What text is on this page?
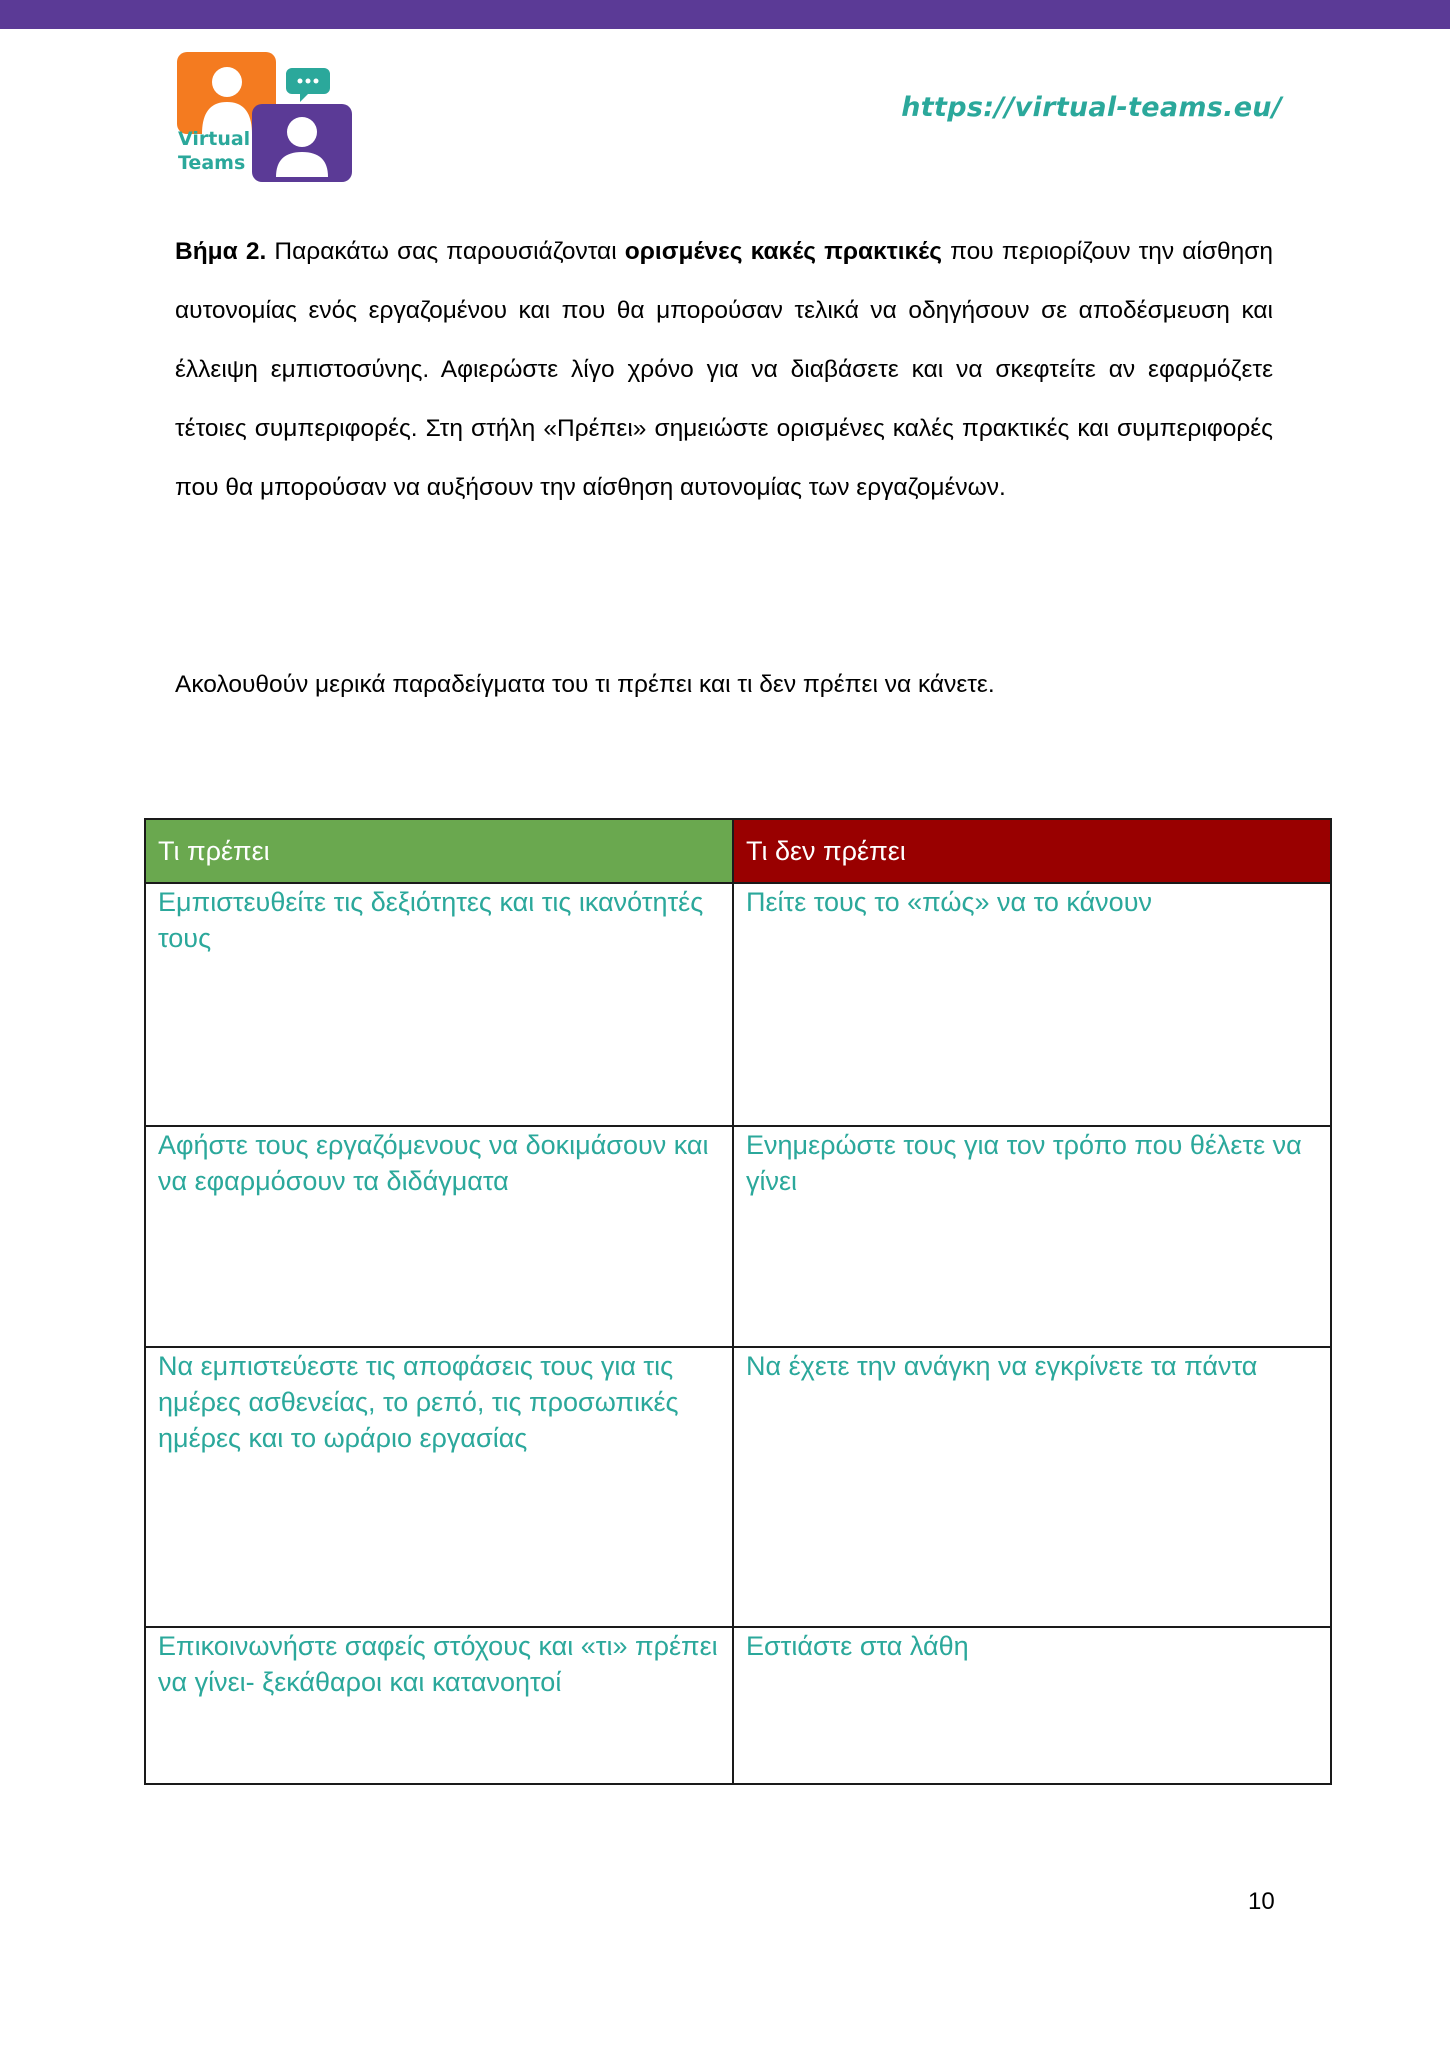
Virtual
Teams
https://virtual-teams.eu/

Βήμα 2. Παρακάτω σας παρουσιάζονται ορισμένες κακές πρακτικές που περιορίζουν την αίσθηση αυτονομίας ενός εργαζομένου και που θα μπορούσαν τελικά να οδηγήσουν σε αποδέσμευση και έλλειψη εμπιστοσύνης. Αφιερώστε λίγο χρόνο για να διαβάσετε και να σκεφτείτε αν εφαρμόζετε τέτοιες συμπεριφορές. Στη στήλη «Πρέπει» σημειώστε ορισμένες καλές πρακτικές και συμπεριφορές που θα μπορούσαν να αυξήσουν την αίσθηση αυτονομίας των εργαζομένων.

Ακολουθούν μερικά παραδείγματα του τι πρέπει και τι δεν πρέπει να κάνετε.

Τι πρέπει	Τι δεν πρέπει
Εμπιστευθείτε τις δεξιότητες και τις ικανότητές τους	Πείτε τους το «πώς» να το κάνουν
Αφήστε τους εργαζόμενους να δοκιμάσουν και να εφαρμόσουν τα διδάγματα	Ενημερώστε τους για τον τρόπο που θέλετε να γίνει
Να εμπιστεύεστε τις αποφάσεις τους για τις ημέρες ασθενείας, το ρεπό, τις προσωπικές ημέρες και το ωράριο εργασίας	Να έχετε την ανάγκη να εγκρίνετε τα πάντα
Επικοινωνήστε σαφείς στόχους και «τι» πρέπει να γίνει- ξεκάθαροι και κατανοητοί	Εστιάστε στα λάθη
10
